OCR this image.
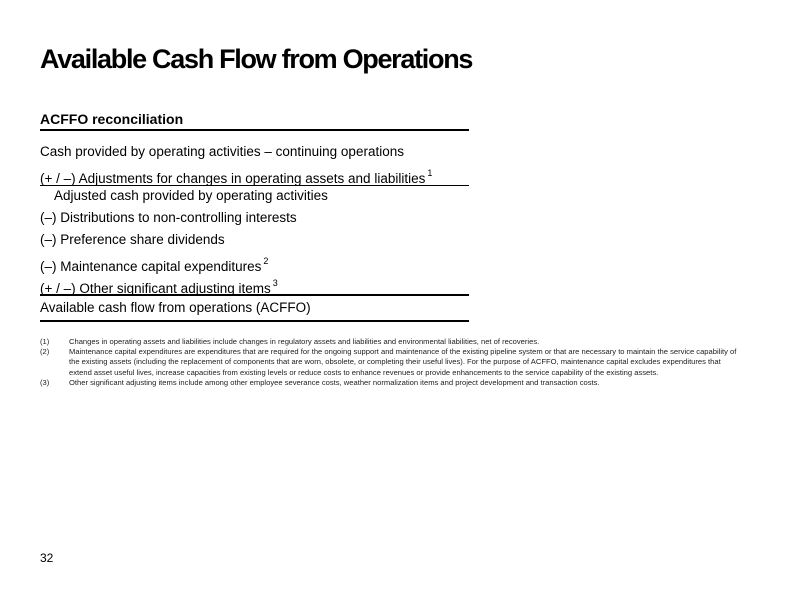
Available Cash Flow from Operations
ACFFO reconciliation
Cash provided by operating activities – continuing operations
(+ / –) Adjustments for changes in operating assets and liabilities $^1$
Adjusted cash provided by operating activities
(–) Distributions to non-controlling interests
(–) Preference share dividends
(–) Maintenance capital expenditures $^2$
(+ / –) Other significant adjusting items $^3$
Available cash flow from operations (ACFFO)
(1)	Changes in operating assets and liabilities include changes in regulatory assets and liabilities and environmental liabilities, net of recoveries.
(2)	Maintenance capital expenditures are expenditures that are required for the ongoing support and maintenance of the existing pipeline system or that are necessary to maintain the service capability of the existing assets (including the replacement of components that are worn, obsolete, or completing their useful lives). For the purpose of ACFFO, maintenance capital excludes expenditures that extend asset useful lives, increase capacities from existing levels or reduce costs to enhance revenues or provide enhancements to the service capability of the existing assets.
(3)	Other significant adjusting items include among other employee severance costs, weather normalization items and project development and transaction costs.
32
